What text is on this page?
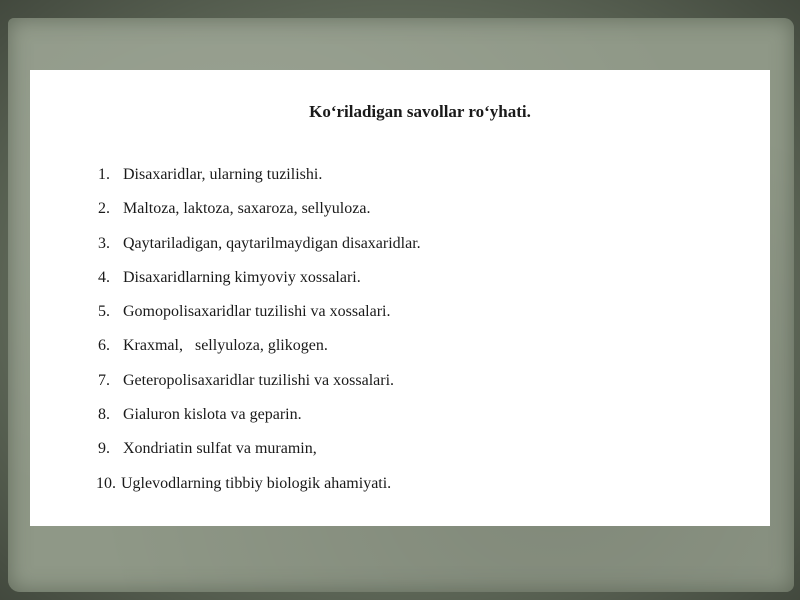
Ko‘riladigan savollar ro‘yhati.
1. Disaxaridlar, ularning tuzilishi.
2. Maltoza, laktoza, saxaroza, sellyuloza.
3. Qaytariladigan, qaytarilmaydigan disaxaridlar.
4. Disaxaridlarning kimyoviy xossalari.
5. Gomopolisaxaridlar tuzilishi va xossalari.
6. Kraxmal,   sellyuloza, glikogen.
7. Geteropolisaxaridlar tuzilishi va xossalari.
8. Gialuron kislota va geparin.
9. Xondriatin sulfat va muramin,
10. Uglevodlarning tibbiy biologik ahamiyati.
